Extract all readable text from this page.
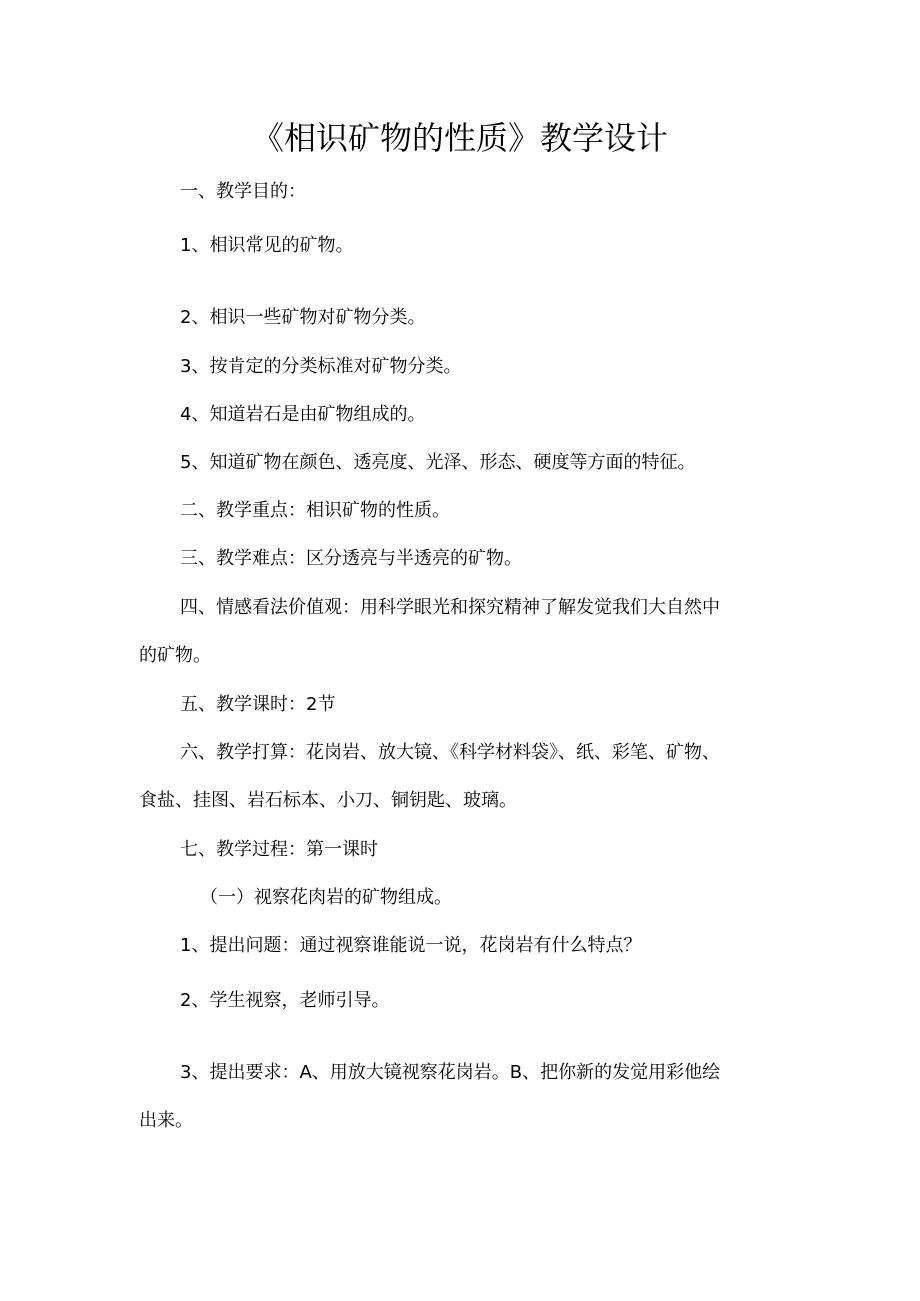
《相识矿物的性质》教学设计
一、教学目的：
1、相识常见的矿物。
2、相识一些矿物对矿物分类。
3、按肯定的分类标准对矿物分类。
4、知道岩石是由矿物组成的。
5、知道矿物在颜色、透亮度、光泽、形态、硬度等方面的特征。
二、教学重点：相识矿物的性质。
三、教学难点：区分透亮与半透亮的矿物。
四、情感看法价值观：用科学眼光和探究精神了解发觉我们大自然中
的矿物。
五、教学课时：2节
六、教学打算：花岗岩、放大镜、《科学材料袋》、纸、彩笔、矿物、
食盐、挂图、岩石标本、小刀、铜钥匙、玻璃。
七、教学过程：第一课时
（一）视察花肉岩的矿物组成。
1、提出问题：通过视察谁能说一说，花岗岩有什么特点？
2、学生视察，老师引导。
3、提出要求：A、用放大镜视察花岗岩。B、把你新的发觉用彩他绘
出来。
